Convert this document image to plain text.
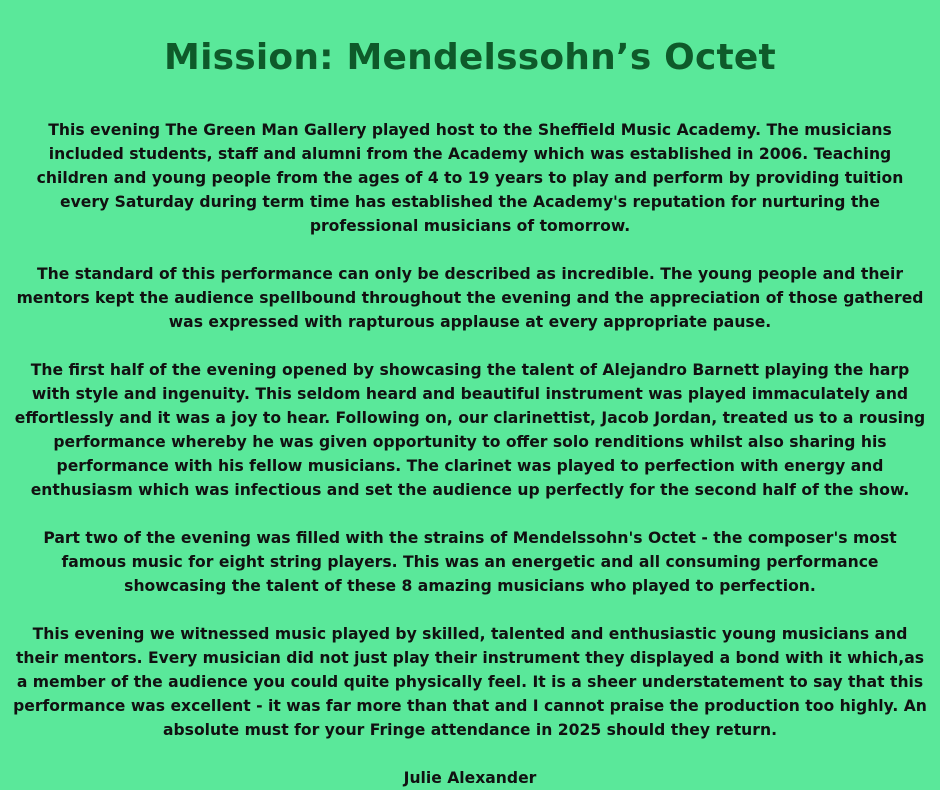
Mission: Mendelssohn’s Octet

This evening The Green Man Gallery played host to the Sheffield Music Academy. The musicians included students, staff and alumni from the Academy which was established in 2006. Teaching children and young people from the ages of 4 to 19 years to play and perform by providing tuition every Saturday during term time has established the Academy's reputation for nurturing the professional musicians of tomorrow.

The standard of this performance can only be described as incredible. The young people and their mentors kept the audience spellbound throughout the evening and the appreciation of those gathered was expressed with rapturous applause at every appropriate pause.

The first half of the evening opened by showcasing the talent of Alejandro Barnett playing the harp with style and ingenuity. This seldom heard and beautiful instrument was played immaculately and effortlessly and it was a joy to hear. Following on, our clarinettist, Jacob Jordan, treated us to a rousing performance whereby he was given opportunity to offer solo renditions whilst also sharing his performance with his fellow musicians. The clarinet was played to perfection with energy and enthusiasm which was infectious and set the audience up perfectly for the second half of the show.

Part two of the evening was filled with the strains of Mendelssohn's Octet - the composer's most famous music for eight string players. This was an energetic and all consuming performance showcasing the talent of these 8 amazing musicians who played to perfection.

This evening we witnessed music played by skilled, talented and enthusiastic young musicians and their mentors. Every musician did not just play their instrument they displayed a bond with it which,as a member of the audience you could quite physically feel. It is a sheer understatement to say that this performance was excellent - it was far more than that and I cannot praise the production too highly. An absolute must for your Fringe attendance in 2025 should they return.

Julie Alexander
